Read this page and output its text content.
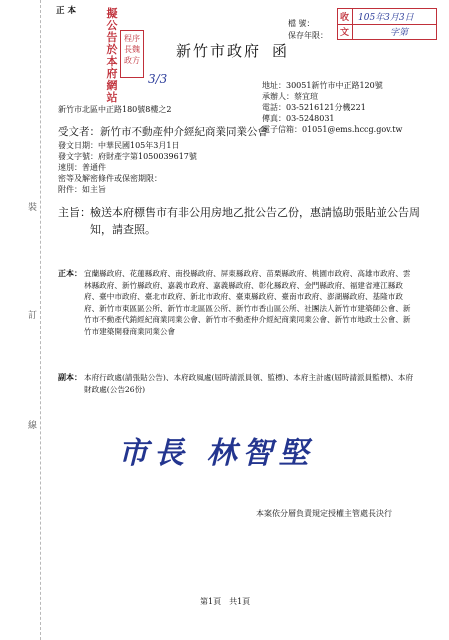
裝
訂
線
正 本
檔 號：
保存年限：
收 105年3月3日
文	字第
擬 公 告 於 本 府 網 站
程序
長魏
政方
3/3
新竹市政府 函
地址：30051新竹市中正路120號
承辦人：蔡宜瑄
電話：03-5216121分機221
傳真：03-5248031
電子信箱：01051@ems.hccg.gov.tw
新竹市北區中正路180號8樓之2
受文者：新竹市不動產仲介經紀商業同業公會
發文日期：中華民國105年3月1日
發文字號：府財產字第1050039617號
速別：普通件
密等及解密條件或保密期限：
附件：如主旨
主旨： 檢送本府標售市有非公用房地乙批公告乙份，惠請協助張貼並公告周知，請查照。
正本： 宜蘭縣政府、花蓮縣政府、南投縣政府、屏東縣政府、苗栗縣政府、桃園市政府、高雄市政府、雲林縣政府、新竹縣政府、嘉義市政府、嘉義縣政府、彰化縣政府、金門縣政府、福建省連江縣政府、臺中市政府、臺北市政府、新北市政府、臺東縣政府、臺南市政府、澎湖縣政府、基隆市政府、新竹市東區區公所、新竹市北區區公所、新竹市香山區公所、社團法人新竹市建築師公會、新竹市不動產代銷經紀商業同業公會、新竹市不動產仲介經紀商業同業公會、新竹市地政士公會、新竹市建築開發商業同業公會
副本： 本府行政處(請張貼公告)、本府政風處(屆時請派員領、監標)、本府主計處(屆時請派員監標)、本府財政處(公告26份)
市長 林智堅
本案依分層負責規定授權主管處長決行
第1頁　共1頁
